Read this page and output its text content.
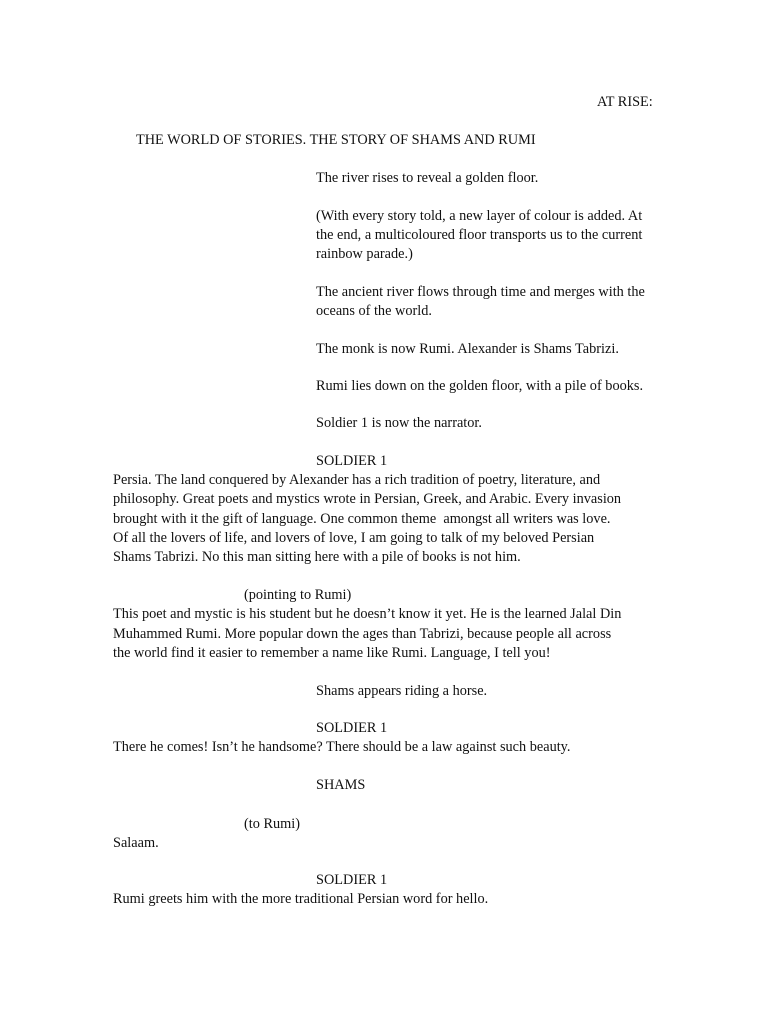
AT RISE:

THE WORLD OF STORIES. THE STORY OF SHAMS AND RUMI

The river rises to reveal a golden floor.

(With every story told, a new layer of colour is added. At

the end, a multicoloured floor transports us to the current

rainbow parade.)

The ancient river flows through time and merges with the

oceans of the world.

The monk is now Rumi. Alexander is Shams Tabrizi.

Rumi lies down on the golden floor, with a pile of books.

Soldier 1 is now the narrator.

SOLDIER 1

Persia. The land conquered by Alexander has a rich tradition of poetry, literature, and

philosophy. Great poets and mystics wrote in Persian, Greek, and Arabic. Every invasion

brought with it the gift of language. One common theme  amongst all writers was love.

Of all the lovers of life, and lovers of love, I am going to talk of my beloved Persian

Shams Tabrizi. No this man sitting here with a pile of books is not him.

(pointing to Rumi)

This poet and mystic is his student but he doesn’t know it yet. He is the learned Jalal Din

Muhammed Rumi. More popular down the ages than Tabrizi, because people all across

the world find it easier to remember a name like Rumi. Language, I tell you!

Shams appears riding a horse.

SOLDIER 1

There he comes! Isn’t he handsome? There should be a law against such beauty.

SHAMS

(to Rumi)

Salaam.

SOLDIER 1

Rumi greets him with the more traditional Persian word for hello.
